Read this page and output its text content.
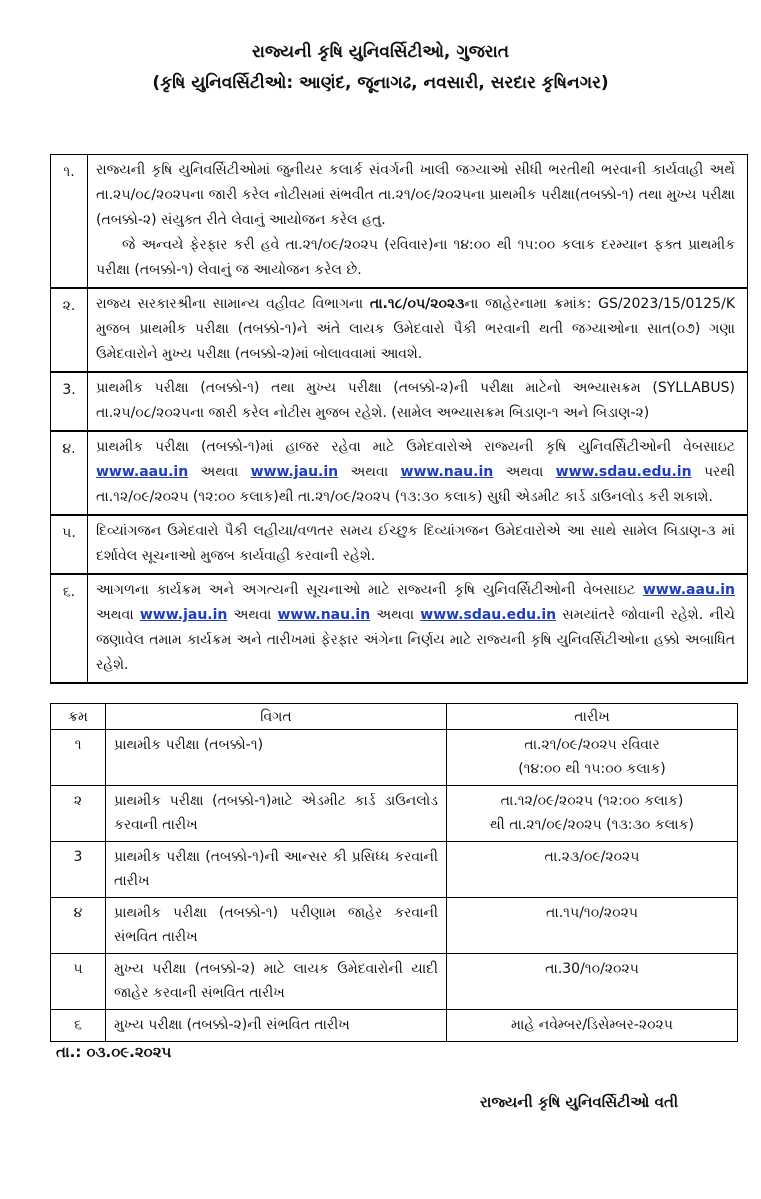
રાજ્યની કૃષિ યુનિવર્સિટીઓ, ગુજરાત
(કૃષિ યુનિવર્સિટીઓ: આણંદ, જૂનાગઢ, નવસારી, સરદાર કૃષિનગર)
૧.	રાજ્યની કૃષિ યુનિવર્સિટીઓમાં જુનીયર કલાર્ક સંવર્ગની ખાલી જગ્યાઓ સીધી ભરતીથી ભરવાની કાર્યવાહી અર્થે તા.૨૫/૦૮/૨૦૨૫ના જારી કરેલ નોટીસમાં સંભવીત તા.૨૧/૦૯/૨૦૨૫ના પ્રાથમીક પરીક્ષા(તબક્કો-૧) તથા મુખ્ય પરીક્ષા (તબક્કો-૨) સંયુક્ત રીતે લેવાનું આયોજન કરેલ હતુ.
જે અન્વયે ફેરફાર કરી હવે તા.૨૧/૦૯/૨૦૨૫ (રવિવાર)ના ૧૪:૦૦ થી ૧૫:૦૦ કલાક દરમ્યાન ફક્ત પ્રાથમીક પરીક્ષા (તબક્કો-૧) લેવાનું જ આયોજન કરેલ છે.

૨.	રાજ્ય સરકારશ્રીના સામાન્ય વહીવટ વિભાગના તા.૧૮/૦૫/૨૦૨૩ના જાહેરનામા ક્રમાંક: GS/2023/15/0125/K મુજબ પ્રાથમીક પરીક્ષા (તબક્કો-૧)ને અંતે લાયક ઉમેદવારો પૈકી ભરવાની થતી જગ્યાઓના સાત(૦૭) ગણા ઉમેદવારોને મુખ્ય પરીક્ષા (તબક્કો-૨)માં બોલાવવામાં આવશે.
3.	પ્રાથમીક પરીક્ષા (તબક્કો-૧) તથા મુખ્ય પરીક્ષા (તબક્કો-૨)ની પરીક્ષા માટેનો અભ્યાસક્રમ (SYLLABUS) તા.૨૫/૦૮/૨૦૨૫ના જારી કરેલ નોટીસ મુજબ રહેશે. (સામેલ અભ્યાસક્રમ બિડાણ-૧ અને બિડાણ-૨)
૪.	પ્રાથમીક પરીક્ષા (તબક્કો-૧)માં હાજર રહેવા માટે ઉમેદવારોએ રાજ્યની કૃષિ યુનિવર્સિટીઓની વેબસાઇટ www.aau.in અથવા www.jau.in અથવા www.nau.in અથવા www.sdau.edu.in પરથી તા.૧૨/૦૯/૨૦૨૫ (૧૨:૦૦ કલાક)થી તા.૨૧/૦૯/૨૦૨૫ (૧૩:૩૦ કલાક) સુધી એડમીટ કાર્ડ ડાઉનલોડ કરી શકાશે.
૫.	દિવ્યાંગજન ઉમેદવારો પૈકી લહીયા/વળતર સમય ઈચ્છુક દિવ્યાંગજન ઉમેદવારોએ આ સાથે સામેલ બિડાણ-૩ માં દર્શાવેલ સૂચનાઓ મુજબ કાર્યવાહી કરવાની રહેશે.
૬.	આગળના કાર્યક્રમ અને અગત્યની સૂચનાઓ માટે રાજ્યની કૃષિ યુનિવર્સિટીઓની વેબસાઇટ www.aau.in અથવા www.jau.in અથવા www.nau.in અથવા www.sdau.edu.in સમયાંતરે જોવાની રહેશે. નીચે જણાવેલ તમામ કાર્યક્રમ અને તારીખમાં ફેરફાર અંગેના નિર્ણય માટે રાજ્યની કૃષિ યુનિવર્સિટીઓના હક્કો અબાધિત રહેશે.
ક્રમ	વિગત	તારીખ
૧	પ્રાથમીક પરીક્ષા (તબક્કો-૧)	તા.૨૧/૦૯/૨૦૨૫ રવિવાર
(૧૪:૦૦ થી ૧૫:૦૦ કલાક)

૨	પ્રાથમીક પરીક્ષા (તબક્કો-૧)માટે એડમીટ કાર્ડ ડાઉનલોડ કરવાની તારીખ	તા.૧૨/૦૯/૨૦૨૫ (૧૨:૦૦ કલાક)
થી તા.૨૧/૦૯/૨૦૨૫ (૧૩:૩૦ કલાક)

3	પ્રાથમીક પરીક્ષા (તબક્કો-૧)ની આન્સર કી પ્રસિધ્ધ કરવાની તારીખ	તા.૨૩/૦૯/૨૦૨૫

૪	પ્રાથમીક પરીક્ષા (તબક્કો-૧) પરીણામ જાહેર કરવાની સંભવિત તારીખ	તા.૧૫/૧૦/૨૦૨૫

૫	મુખ્ય પરીક્ષા (તબક્કો-૨) માટે લાયક ઉમેદવારોની યાદી જાહેર કરવાની સંભવિત તારીખ	તા.30/૧૦/૨૦૨૫

૬	મુખ્ય પરીક્ષા (તબક્કો-૨)ની સંભવિત તારીખ	માહે નવેમ્બર/ડિસેમ્બર-૨૦૨૫
તા.: ૦૩.૦૯.૨૦૨૫
રાજ્યની કૃષિ યુનિવર્સિટીઓ વતી
